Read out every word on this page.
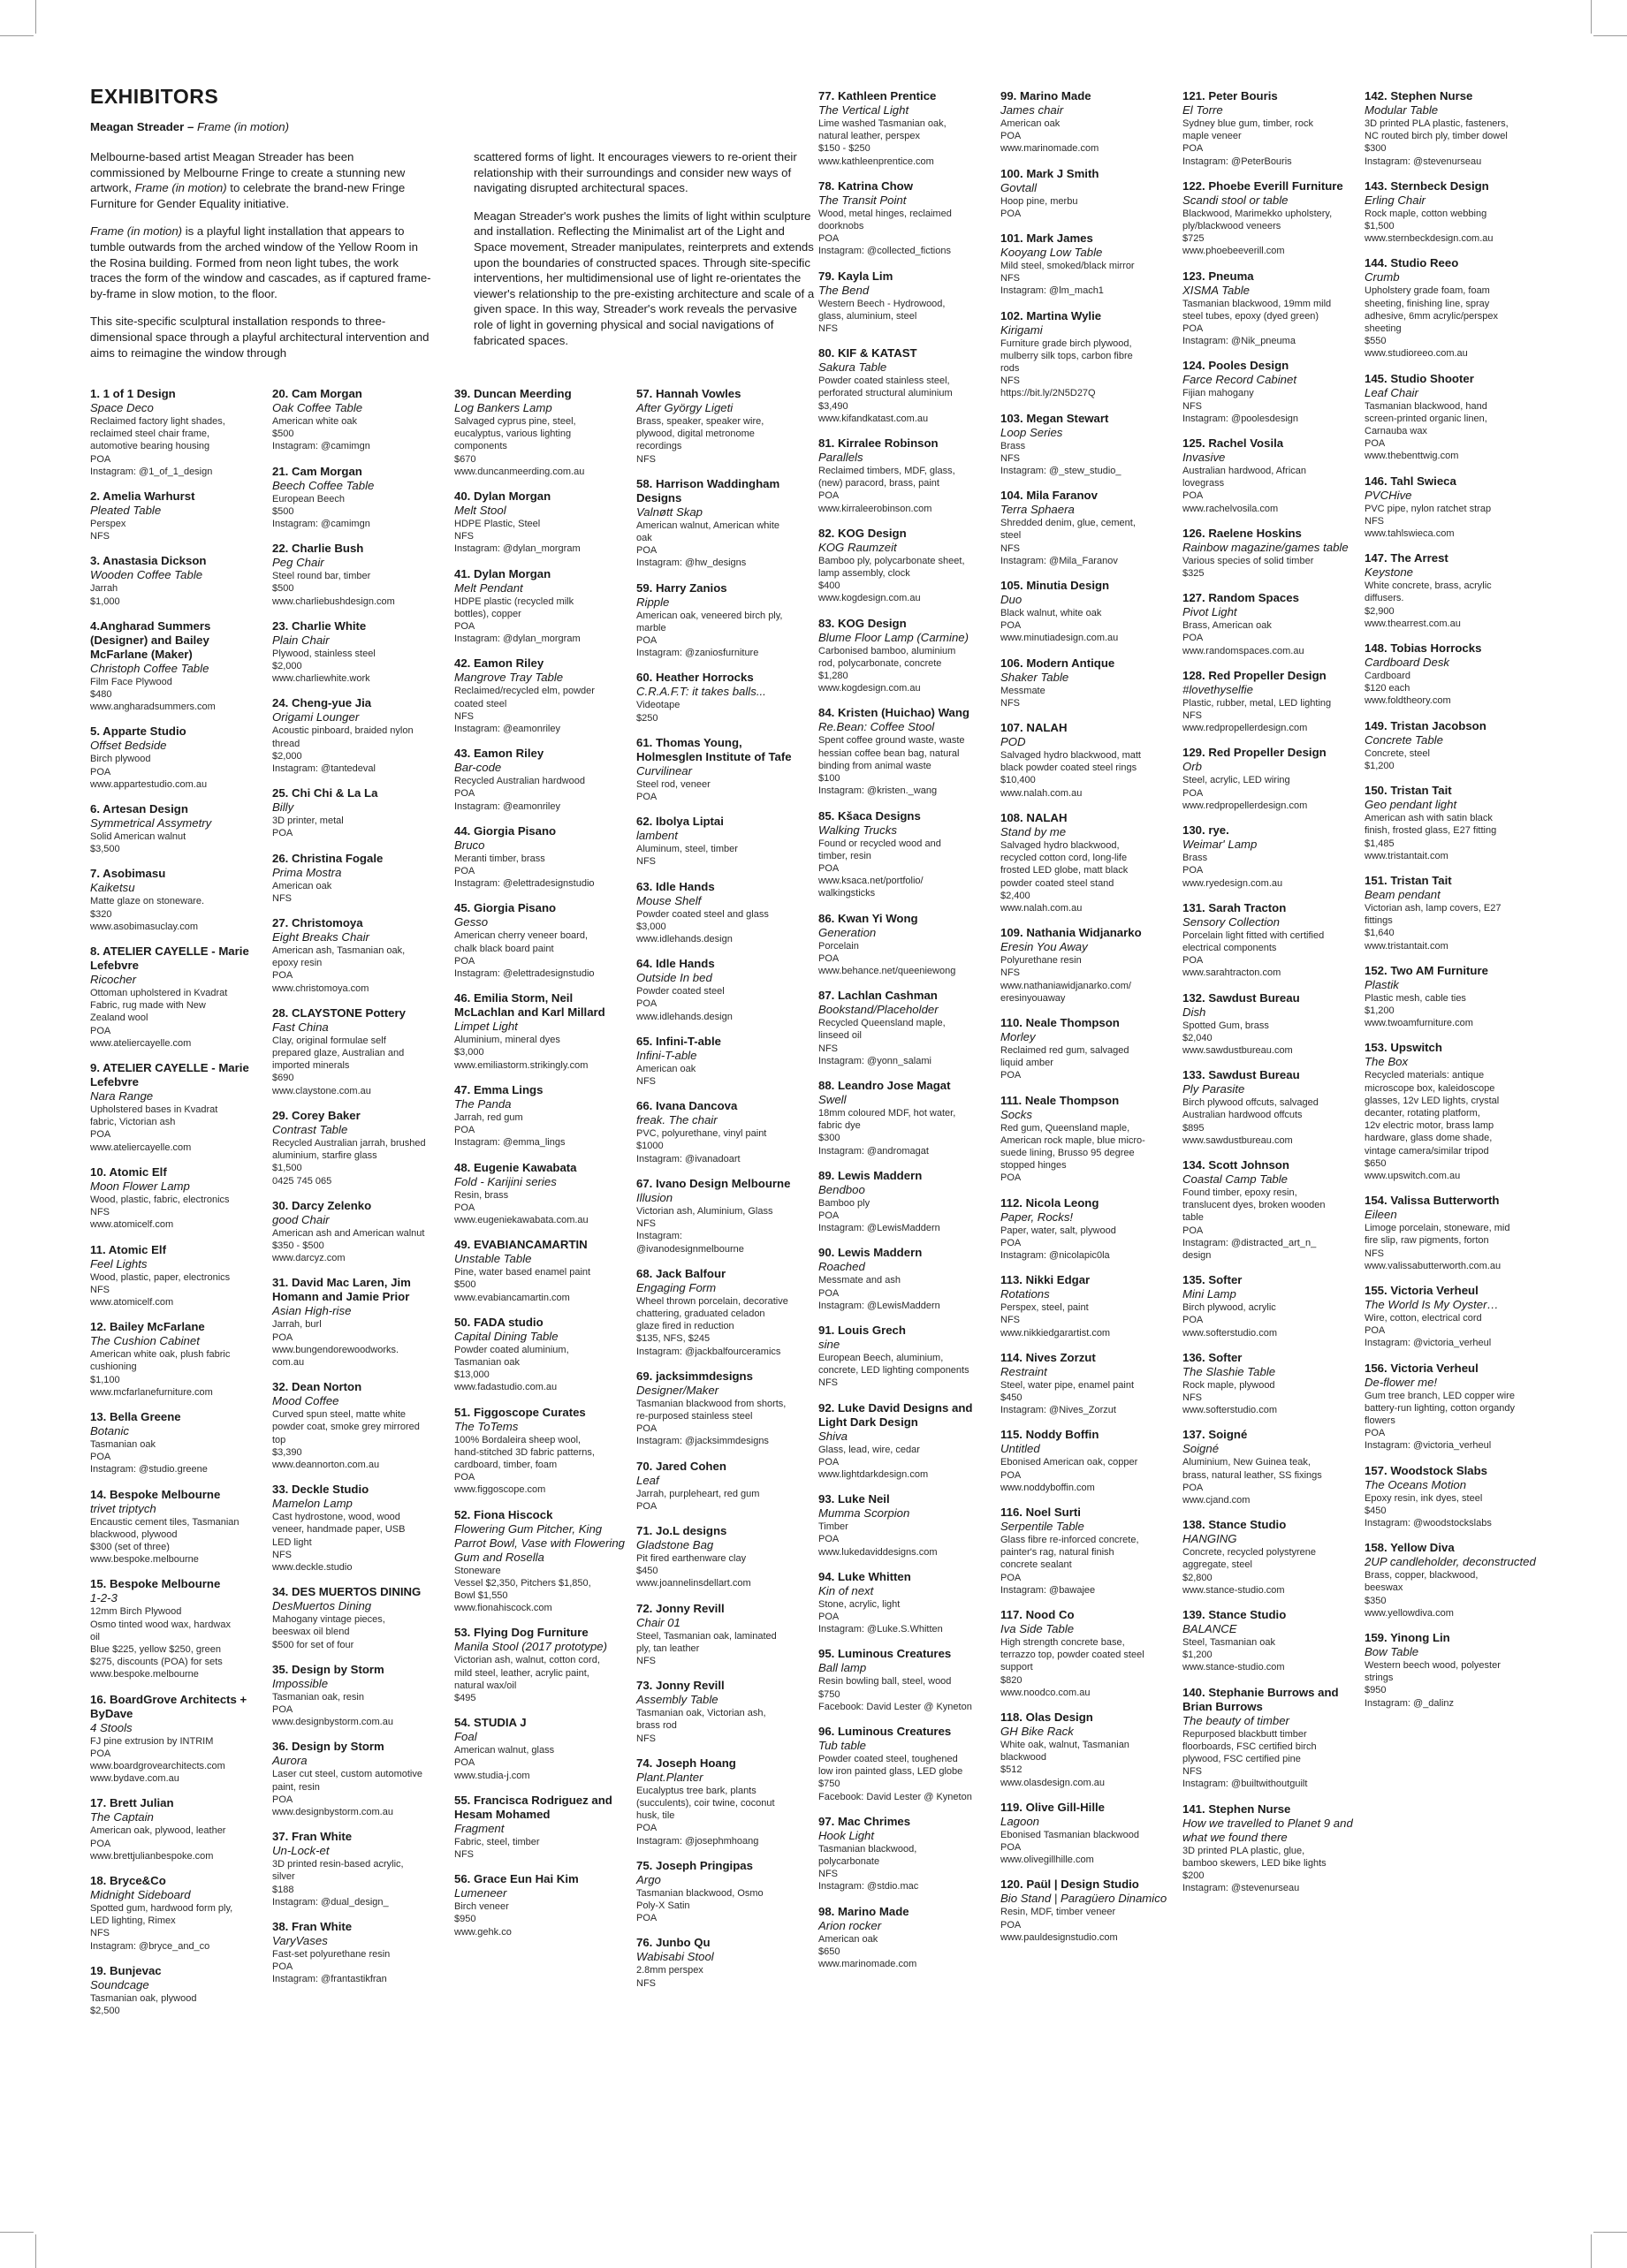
EXHIBITORS
Meagan Streader – Frame (in motion)

Melbourne-based artist Meagan Streader has been commissioned by Melbourne Fringe to create a stunning new artwork, Frame (in motion) to celebrate the brand-new Fringe Furniture for Gender Equality initiative.

Frame (in motion) is a playful light installation that appears to tumble outwards from the arched window of the Yellow Room in the Rosina building. Formed from neon light tubes, the work traces the form of the window and cascades, as if captured frame-by-frame in slow motion, to the floor.

This site-specific sculptural installation responds to three-dimensional space through a playful architectural intervention and aims to reimagine the window through

scattered forms of light. It encourages viewers to re-orient their relationship with their surroundings and consider new ways of navigating disrupted architectural spaces.

Meagan Streader's work pushes the limits of light within sculpture and installation. Reflecting the Minimalist art of the Light and Space movement, Streader manipulates, reinterprets and extends upon the boundaries of constructed spaces. Through site-specific interventions, her multidimensional use of light re-orientates the viewer's relationship to the pre-existing architecture and scale of a given space. In this way, Streader's work reveals the pervasive role of light in governing physical and social navigations of fabricated spaces.

1. 1 of 1 Design
Space Deco
Reclaimed factory light shades,
reclaimed steel chair frame,
automotive bearing housing
POA
Instagram: @1_of_1_design
2. Amelia Warhurst
Pleated Table
Perspex
NFS
3. Anastasia Dickson
Wooden Coffee Table
Jarrah
$1,000
4.Angharad Summers (Designer) and Bailey McFarlane (Maker)
Christoph Coffee Table
Film Face Plywood
$480
www.angharadsummers.com
5. Apparte Studio
Offset Bedside
Birch plywood
POA
www.appartestudio.com.au
6. Artesan Design
Symmetrical Assymetry
Solid American walnut
$3,500
7. Asobimasu
Kaiketsu
Matte glaze on stoneware.
$320
www.asobimasuclay.com
8. ATELIER CAYELLE - Marie Lefebvre
Ricocher
Ottoman upholstered in Kvadrat
Fabric, rug made with New
Zealand wool
POA
www.ateliercayelle.com
9. ATELIER CAYELLE - Marie Lefebvre
Nara Range
Upholstered bases in Kvadrat
fabric, Victorian ash
POA
www.ateliercayelle.com
10. Atomic Elf
Moon Flower Lamp
Wood, plastic, fabric, electronics
NFS
www.atomicelf.com
11. Atomic Elf
Feel Lights
Wood, plastic, paper, electronics
NFS
www.atomicelf.com
12. Bailey McFarlane
The Cushion Cabinet
American white oak, plush fabric
cushioning
$1,100
www.mcfarlanefurniture.com
13. Bella Greene
Botanic
Tasmanian oak
POA
Instagram: @studio.greene
14. Bespoke Melbourne
trivet triptych
Encaustic cement tiles, Tasmanian
blackwood, plywood
$300 (set of three)
www.bespoke.melbourne
15. Bespoke Melbourne
1-2-3
12mm Birch Plywood
Osmo tinted wood wax, hardwax
oil
Blue $225, yellow $250, green
$275, discounts (POA) for sets
www.bespoke.melbourne
16. BoardGrove Architects + ByDave
4 Stools
FJ pine extrusion by INTRIM
POA
www.boardgrovearchitects.com
www.bydave.com.au
17. Brett Julian
The Captain
American oak, plywood, leather
POA
www.brettjulianbespoke.com
18. Bryce&Co
Midnight Sideboard
Spotted gum, hardwood form ply,
LED lighting, Rimex
NFS
Instagram: @bryce_and_co
19. Bunjevac
Soundcage
Tasmanian oak, plywood
$2,500
20. Cam Morgan
Oak Coffee Table
American white oak
$500
Instagram: @camimgn
21. Cam Morgan
Beech Coffee Table
European Beech
$500
Instagram: @camimgn
22. Charlie Bush
Peg Chair
Steel round bar, timber
$500
www.charliebushdesign.com
23. Charlie White
Plain Chair
Plywood, stainless steel
$2,000
www.charliewhite.work
24. Cheng-yue Jia
Origami Lounger
Acoustic pinboard, braided nylon
thread
$2,000
Instagram: @tantedeval
25. Chi Chi & La La
Billy
3D printer, metal
POA
26. Christina Fogale
Prima Mostra
American oak
NFS
27. Christomoya
Eight Breaks Chair
American ash, Tasmanian oak,
epoxy resin
POA
www.christomoya.com
28. CLAYSTONE Pottery
Fast China
Clay, original formulae self
prepared glaze, Australian and
imported minerals
$690
www.claystone.com.au
29. Corey Baker
Contrast Table
Recycled Australian jarrah, brushed
aluminium, starfire glass
$1,500
0425 745 065
30. Darcy Zelenko
good Chair
American ash and American walnut
$350 - $500
www.darcyz.com
31. David Mac Laren, Jim Homann and Jamie Prior
Asian High-rise
Jarrah, burl
POA
www.bungendorewoodworks.
com.au
32. Dean Norton
Mood Coffee
Curved spun steel, matte white
powder coat, smoke grey mirrored
top
$3,390
www.deannorton.com.au
33. Deckle Studio
Mamelon Lamp
Cast hydrostone, wood, wood
veneer, handmade paper, USB
LED light
NFS
www.deckle.studio
34. DES MUERTOS DINING
DesMuertos Dining
Mahogany vintage pieces,
beeswax oil blend
$500 for set of four
35. Design by Storm
Impossible
Tasmanian oak, resin
POA
www.designbystorm.com.au
36. Design by Storm
Aurora
Laser cut steel, custom automotive
paint, resin
POA
www.designbystorm.com.au
37. Fran White
Un-Lock-et
3D printed resin-based acrylic,
silver
$188
Instagram: @dual_design_
38. Fran White
VaryVases
Fast-set polyurethane resin
POA
Instagram: @frantastikfran
39. Duncan Meerding
Log Bankers Lamp
Salvaged cyprus pine, steel,
eucalyptus, various lighting
components
$670
www.duncanmeerding.com.au
40. Dylan Morgan
Melt Stool
HDPE Plastic, Steel
NFS
Instagram: @dylan_morgram
41. Dylan Morgan
Melt Pendant
HDPE plastic (recycled milk
bottles), copper
POA
Instagram: @dylan_morgram
42. Eamon Riley
Mangrove Tray Table
Reclaimed/recycled elm, powder
coated steel
NFS
Instagram: @eamonriley
43. Eamon Riley
Bar-code
Recycled Australian hardwood
POA
Instagram: @eamonriley
44. Giorgia Pisano
Bruco
Meranti timber, brass
POA
Instagram: @elettradesignstudio
45. Giorgia Pisano
Gesso
American cherry veneer board,
chalk black board paint
POA
Instagram: @elettradesignstudio
46. Emilia Storm, Neil McLachlan and Karl Millard
Limpet Light
Aluminium, mineral dyes
$3,000
www.emiliastorm.strikingly.com
47. Emma Lings
The Panda
Jarrah, red gum
POA
Instagram: @emma_lings
48. Eugenie Kawabata
Fold - Karijini series
Resin, brass
POA
www.eugeniekawabata.com.au
49. EVABIANCAMARTIN
Unstable Table
Pine, water based enamel paint
$500
www.evabiancamartin.com
50. FADA studio
Capital Dining Table
Powder coated aluminium,
Tasmanian oak
$13,000
www.fadastudio.com.au
51. Figgoscope Curates
The ToTems
100% Bordaleira sheep wool,
hand-stitched 3D fabric patterns,
cardboard, timber, foam
POA
www.figgoscope.com
52. Fiona Hiscock
Flowering Gum Pitcher, King Parrot Bowl, Vase with Flowering Gum and Rosella
Stoneware
Vessel $2,350, Pitchers $1,850,
Bowl $1,550
www.fionahiscock.com
53. Flying Dog Furniture
Manila Stool (2017 prototype)
Victorian ash, walnut, cotton cord,
mild steel, leather, acrylic paint,
natural wax/oil
$495
54. STUDIA J
Foal
American walnut, glass
POA
www.studia-j.com
55. Francisca Rodriguez and Hesam Mohamed
Fragment
Fabric, steel, timber
NFS
56. Grace Eun Hai Kim
Lumeneer
Birch veneer
$950
www.gehk.co
57. Hannah Vowles
After György Ligeti
Brass, speaker, speaker wire,
plywood, digital metronome
recordings
NFS
58. Harrison Waddingham Designs
Valnøtt Skap
American walnut, American white
oak
POA
Instagram: @hw_designs
59. Harry Zanios
Ripple
American oak, veneered birch ply,
marble
POA
Instagram: @zaniosfurniture
60. Heather Horrocks
C.R.A.F.T: it takes balls...
Videotape
$250
61. Thomas Young, Holmesglen Institute of Tafe
Curvilinear
Steel rod, veneer
POA
62. Ibolya Liptai
lambent
Aluminum, steel, timber
NFS
63. Idle Hands
Mouse Shelf
Powder coated steel and glass
$3,000
www.idlehands.design
64. Idle Hands
Outside In bed
Powder coated steel
POA
www.idlehands.design
65. Infini-T-able
Infini-T-able
American oak
NFS
66. Ivana Dancova
freak. The chair
PVC, polyurethane, vinyl paint
$1000
Instagram: @ivanadoart
67. Ivano Design Melbourne
Illusion
Victorian ash, Aluminium, Glass
NFS
Instagram:
@ivanodesignmelbourne
68. Jack Balfour
Engaging Form
Wheel thrown porcelain, decorative
chattering, graduated celadon
glaze fired in reduction
$135, NFS, $245
Instagram: @jackbalfourceramics
69. jacksimmdesigns
Designer/Maker
Tasmanian blackwood from shorts,
re-purposed stainless steel
POA
Instagram: @jacksimmdesigns
70. Jared Cohen
Leaf
Jarrah, purpleheart, red gum
POA
71. Jo.L designs
Gladstone Bag
Pit fired earthenware clay
$450
www.joannelinsdellart.com
72. Jonny Revill
Chair 01
Steel, Tasmanian oak, laminated
ply, tan leather
NFS
73. Jonny Revill
Assembly Table
Tasmanian oak, Victorian ash,
brass rod
NFS
74. Joseph Hoang
Plant.Planter
Eucalyptus tree bark, plants
(succulents), coir twine, coconut
husk, tile
POA
Instagram: @josephmhoang
75. Joseph Pringipas
Argo
Tasmanian blackwood, Osmo
Poly-X Satin
POA
76. Junbo Qu
Wabisabi Stool
2.8mm perspex
NFS
77. Kathleen Prentice
The Vertical Light
Lime washed Tasmanian oak,
natural leather, perspex
$150 - $250
www.kathleenprentice.com
78. Katrina Chow
The Transit Point
Wood, metal hinges, reclaimed
doorknobs
POA
Instagram: @collected_fictions
79. Kayla Lim
The Bend
Western Beech - Hydrowood,
glass, aluminium, steel
NFS
80. KIF & KATAST
Sakura Table
Powder coated stainless steel,
perforated structural aluminium
$3,490
www.kifandkatast.com.au
81. Kirralee Robinson
Parallels
Reclaimed timbers, MDF, glass,
(new) paracord, brass, paint
POA
www.kirraleerobinson.com
82. KOG Design
KOG Raumzeit
Bamboo ply, polycarbonate sheet,
lamp assembly, clock
$400
www.kogdesign.com.au
83. KOG Design
Blume Floor Lamp (Carmine)
Carbonised bamboo, aluminium
rod, polycarbonate, concrete
$1,280
www.kogdesign.com.au
84. Kristen (Huichao) Wang
Re.Bean: Coffee Stool
Spent coffee ground waste, waste
hessian coffee bean bag, natural
binding from animal waste
$100
Instagram: @kristen._wang
85. Kšaca Designs
Walking Trucks
Found or recycled wood and
timber, resin
POA
www.ksaca.net/portfolio/
walkingsticks
86. Kwan Yi Wong
Generation
Porcelain
POA
www.behance.net/queeniewong
87. Lachlan Cashman
Bookstand/Placeholder
Recycled Queensland maple,
linseed oil
NFS
Instagram: @yonn_salami
88. Leandro Jose Magat
Swell
18mm coloured MDF, hot water,
fabric dye
$300
Instagram: @andromagat
89. Lewis Maddern
Bendboo
Bamboo ply
POA
Instagram: @LewisMaddern
90. Lewis Maddern
Roached
Messmate and ash
POA
Instagram: @LewisMaddern
91. Louis Grech
sine
European Beech, aluminium,
concrete, LED lighting components
NFS
92. Luke David Designs and Light Dark Design
Shiva
Glass, lead, wire, cedar
POA
www.lightdarkdesign.com
93. Luke Neil
Mumma Scorpion
Timber
POA
www.lukedaviddesigns.com
94. Luke Whitten
Kin of next
Stone, acrylic, light
POA
Instagram: @Luke.S.Whitten
95. Luminous Creatures
Ball lamp
Resin bowling ball, steel, wood
$750
Facebook: David Lester @ Kyneton
96. Luminous Creatures
Tub table
Powder coated steel, toughened
low iron painted glass, LED globe
$750
Facebook: David Lester @ Kyneton
97. Mac Chrimes
Hook Light
Tasmanian blackwood,
polycarbonate
NFS
Instagram: @stdio.mac
98. Marino Made
Arion rocker
American oak
$650
www.marinomade.com
99. Marino Made
James chair
American oak
POA
www.marinomade.com
100. Mark J Smith
Govtall
Hoop pine, merbu
POA
101. Mark James
Kooyang Low Table
Mild steel, smoked/black mirror
NFS
Instagram: @lm_mach1
102. Martina Wylie
Kirigami
Furniture grade birch plywood,
mulberry silk tops, carbon fibre
rods
NFS
https://bit.ly/2N5D27Q
103. Megan Stewart
Loop Series
Brass
NFS
Instagram: @_stew_studio_
104. Mila Faranov
Terra Sphaera
Shredded denim, glue, cement,
steel
NFS
Instagram: @Mila_Faranov
105. Minutia Design
Duo
Black walnut, white oak
POA
www.minutiadesign.com.au
106. Modern Antique
Shaker Table
Messmate
NFS
107. NALAH
POD
Salvaged hydro blackwood, matt
black powder coated steel rings
$10,400
www.nalah.com.au
108. NALAH
Stand by me
Salvaged hydro blackwood,
recycled cotton cord, long-life
frosted LED globe, matt black
powder coated steel stand
$2,400
www.nalah.com.au
109. Nathania Widjanarko
Eresin You Away
Polyurethane resin
NFS
www.nathaniawidjanarko.com/
eresinyouaway
110. Neale Thompson
Morley
Reclaimed red gum, salvaged
liquid amber
POA
111. Neale Thompson
Socks
Red gum, Queensland maple,
American rock maple, blue micro-
suede lining, Brusso 95 degree
stopped hinges
POA
112. Nicola Leong
Paper, Rocks!
Paper, water, salt, plywood
POA
Instagram: @nicolapic0la
113. Nikki Edgar
Rotations
Perspex, steel, paint
NFS
www.nikkiedgarartist.com
114. Nives Zorzut
Restraint
Steel, water pipe, enamel paint
$450
Instagram: @Nives_Zorzut
115. Noddy Boffin
Untitled
Ebonised American oak, copper
POA
www.noddyboffin.com
116. Noel Surti
Serpentile Table
Glass fibre re-inforced concrete,
painter's rag, natural finish
concrete sealant
POA
Instagram: @bawajee
117. Nood Co
Iva Side Table
High strength concrete base,
terrazzo top, powder coated steel
support
$820
www.noodco.com.au
118. Olas Design
GH Bike Rack
White oak, walnut, Tasmanian
blackwood
$512
www.olasdesign.com.au
119. Olive Gill-Hille
Lagoon
Ebonised Tasmanian blackwood
POA
www.olivegillhille.com
120. Paül | Design Studio
Bio Stand | Paragüero Dinamico
Resin, MDF, timber veneer
POA
www.pauldesignstudio.com
121. Peter Bouris
El Torre
Sydney blue gum, timber, rock
maple veneer
POA
Instagram: @PeterBouris
122. Phoebe Everill Furniture
Scandi stool or table
Blackwood, Marimekko upholstery,
ply/blackwood veneers
$725
www.phoebeeverill.com
123. Pneuma
XISMA Table
Tasmanian blackwood, 19mm mild
steel tubes, epoxy (dyed green)
POA
Instagram: @Nik_pneuma
124. Pooles Design
Farce Record Cabinet
Fijian mahogany
NFS
Instagram: @poolesdesign
125. Rachel Vosila
Invasive
Australian hardwood, African
lovegrass
POA
www.rachelvosila.com
126. Raelene Hoskins
Rainbow magazine/games table
Various species of solid timber
$325
127. Random Spaces
Pivot Light
Brass, American oak
POA
www.randomspaces.com.au
128. Red Propeller Design
#lovethyselfie
Plastic, rubber, metal, LED lighting
NFS
www.redpropellerdesign.com
129. Red Propeller Design
Orb
Steel, acrylic, LED wiring
POA
www.redpropellerdesign.com
130. rye.
Weimar' Lamp
Brass
POA
www.ryedesign.com.au
131. Sarah Tracton
Sensory Collection
Porcelain light fitted with certified
electrical components
POA
www.sarahtracton.com
132. Sawdust Bureau
Dish
Spotted Gum, brass
$2,040
www.sawdustbureau.com
133. Sawdust Bureau
Ply Parasite
Birch plywood offcuts, salvaged
Australian hardwood offcuts
$895
www.sawdustbureau.com
134. Scott Johnson
Coastal Camp Table
Found timber, epoxy resin,
translucent dyes, broken wooden
table
POA
Instagram: @distracted_art_n_
design
135. Softer
Mini Lamp
Birch plywood, acrylic
POA
www.softerstudio.com
136. Softer
The Slashie Table
Rock maple, plywood
NFS
www.softerstudio.com
137. Soigné
Soigné
Aluminium, New Guinea teak,
brass, natural leather, SS fixings
POA
www.cjand.com
138. Stance Studio
HANGING
Concrete, recycled polystyrene
aggregate, steel
$2,800
www.stance-studio.com
139. Stance Studio
BALANCE
Steel, Tasmanian oak
$1,200
www.stance-studio.com
140. Stephanie Burrows and Brian Burrows
The beauty of timber
Repurposed blackbutt timber
floorboards, FSC certified birch
plywood, FSC certified pine
NFS
Instagram: @builtwithoutguilt
141. Stephen Nurse
How we travelled to Planet 9 and what we found there
3D printed PLA plastic, glue,
bamboo skewers, LED bike lights
$200
Instagram: @stevenurseau
142. Stephen Nurse
Modular Table
3D printed PLA plastic, fasteners,
NC routed birch ply, timber dowel
$300
Instagram: @stevenurseau
143. Sternbeck Design
Erling Chair
Rock maple, cotton webbing
$1,500
www.sternbeckdesign.com.au
144. Studio Reeo
Crumb
Upholstery grade foam, foam
sheeting, finishing line, spray
adhesive, 6mm acrylic/perspex
sheeting
$550
www.studioreeo.com.au
145. Studio Shooter
Leaf Chair
Tasmanian blackwood, hand
screen-printed organic linen,
Carnauba wax
POA
www.thebenttwig.com
146. Tahl Swieca
PVCHive
PVC pipe, nylon ratchet strap
NFS
www.tahlswieca.com
147. The Arrest
Keystone
White concrete, brass, acrylic
diffusers.
$2,900
www.thearrest.com.au
148. Tobias Horrocks
Cardboard Desk
Cardboard
$120 each
www.foldtheory.com
149. Tristan Jacobson
Concrete Table
Concrete, steel
$1,200
150. Tristan Tait
Geo pendant light
American ash with satin black
finish, frosted glass, E27 fitting
$1,485
www.tristantait.com
151. Tristan Tait
Beam pendant
Victorian ash, lamp covers, E27
fittings
$1,640
www.tristantait.com
152. Two AM Furniture
Plastik
Plastic mesh, cable ties
$1,200
www.twoamfurniture.com
153. Upswitch
The Box
Recycled materials: antique
microscope box, kaleidoscope
glasses, 12v LED lights, crystal
decanter, rotating platform,
12v electric motor, brass lamp
hardware, glass dome shade,
vintage camera/similar tripod
$650
www.upswitch.com.au
154. Valissa Butterworth
Eileen
Limoge porcelain, stoneware, mid
fire slip, raw pigments, forton
NFS
www.valissabutterworth.com.au
155. Victoria Verheul
The World Is My Oyster…
Wire, cotton, electrical cord
POA
Instagram: @victoria_verheul
156. Victoria Verheul
De-flower me!
Gum tree branch, LED copper wire
battery-run lighting, cotton organdy
flowers
POA
Instagram: @victoria_verheul
157. Woodstock Slabs
The Oceans Motion
Epoxy resin, ink dyes, steel
$450
Instagram: @woodstockslabs
158. Yellow Diva
2UP candleholder, deconstructed
Brass, copper, blackwood,
beeswax
$350
www.yellowdiva.com
159. Yinong Lin
Bow Table
Western beech wood, polyester
strings
$950
Instagram: @_dalinz
